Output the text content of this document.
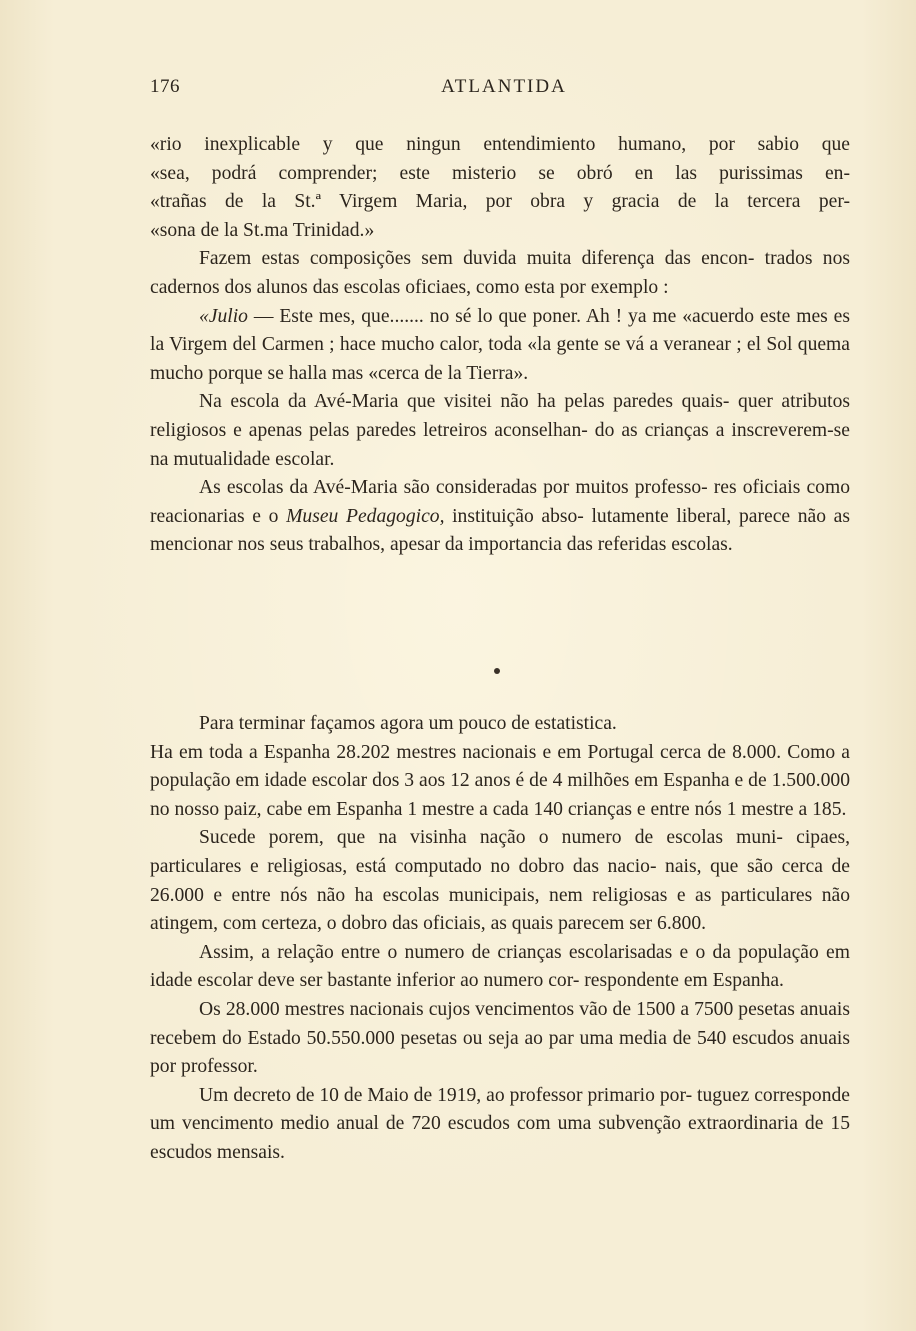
176	ATLANTIDA

«rio inexplicable y que ningun entendimiento humano, por sabio que

«sea, podrá comprender; este misterio se obró en las purissimas en-

«trañas de la St.ª Virgem Maria, por obra y gracia de la tercera per-

«sona de la St.ma Trinidad.»

Fazem estas composições sem duvida muita diferença das encon- trados nos cadernos dos alunos das escolas oficiaes, como esta por exemplo :

«Julio — Este mes, que....... no sé lo que poner. Ah ! ya me «acuerdo este mes es la Virgem del Carmen ; hace mucho calor, toda «la gente se vá a veranear ; el Sol quema mucho porque se halla mas «cerca de la Tierra».

Na escola da Avé-Maria que visitei não ha pelas paredes quais- quer atributos religiosos e apenas pelas paredes letreiros aconselhan- do as crianças a inscreverem-se na mutualidade escolar.

As escolas da Avé-Maria são consideradas por muitos professo- res oficiais como reacionarias e o Museu Pedagogico, instituição abso- lutamente liberal, parece não as mencionar nos seus trabalhos, apesar da importancia das referidas escolas.

Para terminar façamos agora um pouco de estatistica.

Ha em toda a Espanha 28.202 mestres nacionais e em Portugal cerca de 8.000. Como a população em idade escolar dos 3 aos 12 anos é de 4 milhões em Espanha e de 1.500.000 no nosso paiz, cabe em Espanha 1 mestre a cada 140 crianças e entre nós 1 mestre a 185.

Sucede porem, que na visinha nação o numero de escolas muni- cipaes, particulares e religiosas, está computado no dobro das nacio- nais, que são cerca de 26.000 e entre nós não ha escolas municipais, nem religiosas e as particulares não atingem, com certeza, o dobro das oficiais, as quais parecem ser 6.800.

Assim, a relação entre o numero de crianças escolarisadas e o da população em idade escolar deve ser bastante inferior ao numero cor- respondente em Espanha.

Os 28.000 mestres nacionais cujos vencimentos vão de 1500 a 7500 pesetas anuais recebem do Estado 50.550.000 pesetas ou seja ao par uma media de 540 escudos anuais por professor.

Um decreto de 10 de Maio de 1919, ao professor primario por- tuguez corresponde um vencimento medio anual de 720 escudos com uma subvenção extraordinaria de 15 escudos mensais.
